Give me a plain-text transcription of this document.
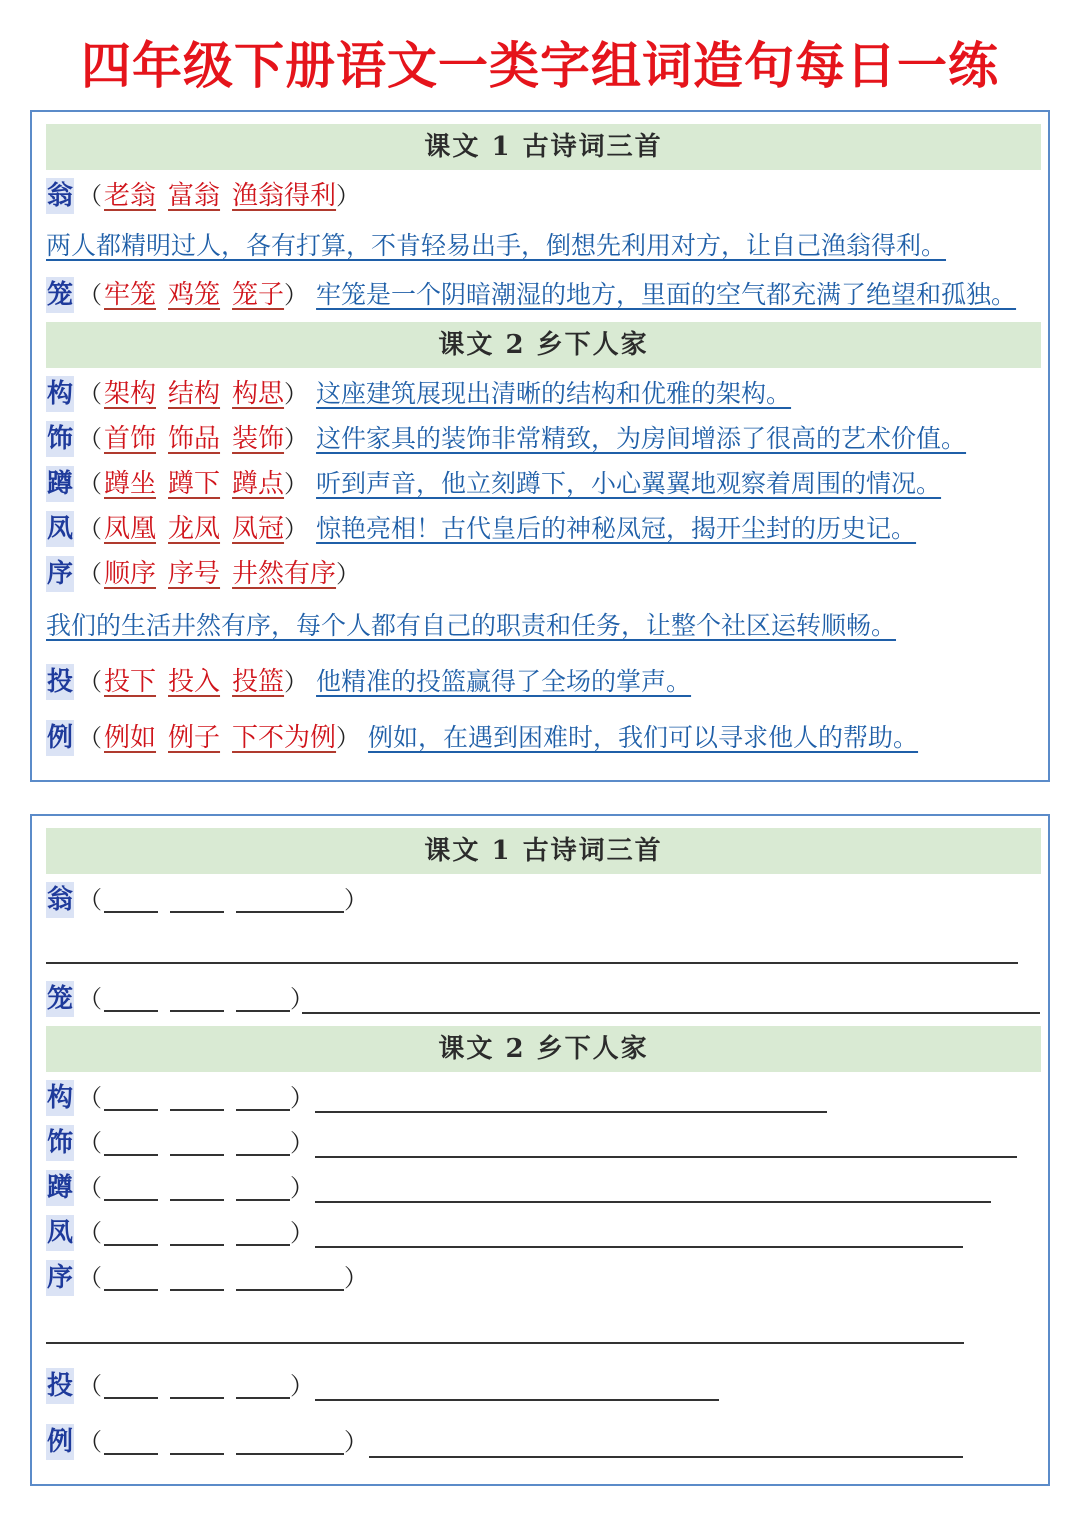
四年级下册语文一类字组词造句每日一练
课文 1 古诗词三首
翁 （ 老翁 富翁 渔翁得利 ）
两人都精明过人，各有打算，不肯轻易出手，倒想先利用对方，让自己渔翁得利。
笼 （ 牢笼 鸡笼 笼子 ） 牢笼是一个阴暗潮湿的地方，里面的空气都充满了绝望和孤独。
课文 2 乡下人家
构 （ 架构 结构 构思 ） 这座建筑展现出清晰的结构和优雅的架构。
饰 （ 首饰 饰品 装饰 ） 这件家具的装饰非常精致，为房间增添了很高的艺术价值。
蹲 （ 蹲坐 蹲下 蹲点 ） 听到声音，他立刻蹲下，小心翼翼地观察着周围的情况。
凤 （ 凤凰 龙凤 凤冠 ） 惊艳亮相！古代皇后的神秘凤冠，揭开尘封的历史记。
序 （ 顺序 序号 井然有序 ）
我们的生活井然有序，每个人都有自己的职责和任务，让整个社区运转顺畅。
投 （ 投下 投入 投篮 ） 他精准的投篮赢得了全场的掌声。
例 （ 例如 例子 下不为例 ） 例如，在遇到困难时，我们可以寻求他人的帮助。
课文 1 古诗词三首
翁 （	）
笼 （	）
课文 2 乡下人家
构 （	）
饰 （	）
蹲 （	）
凤 （	）
序 （	）
投 （	）
例 （	）
